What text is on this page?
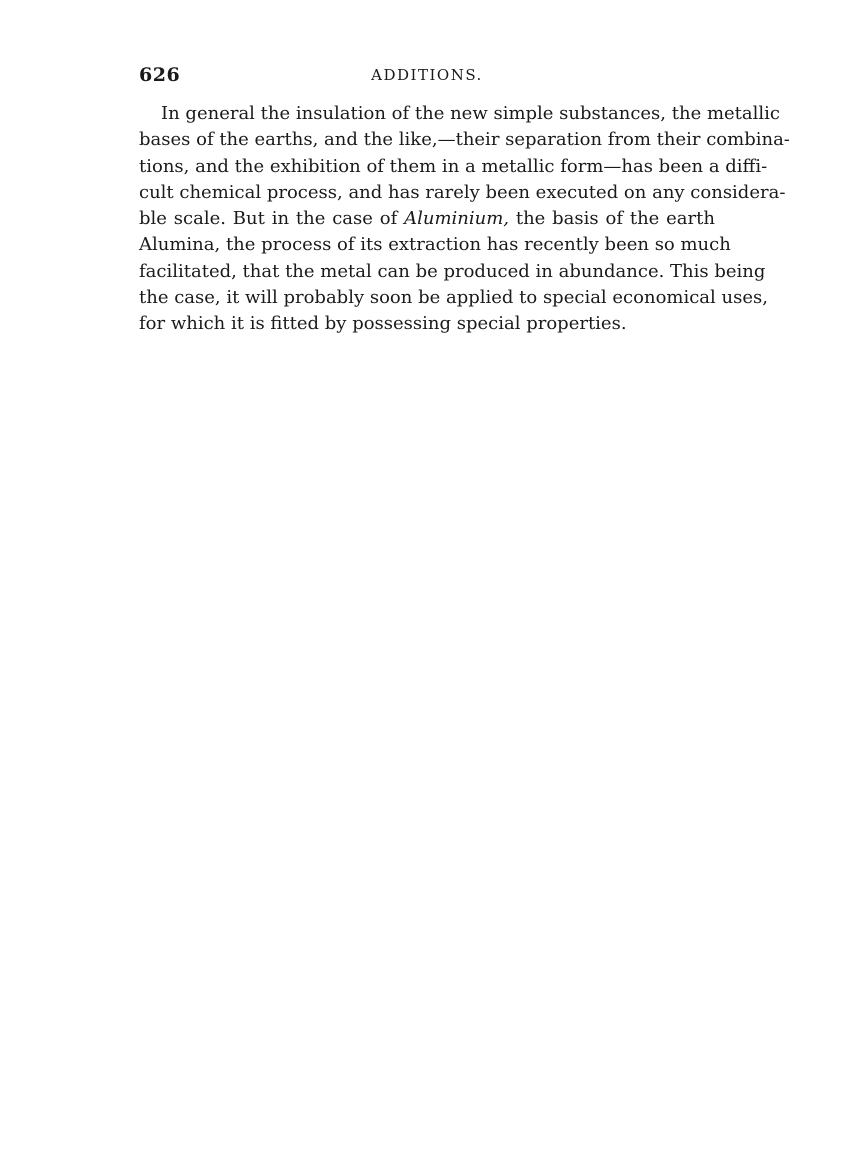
626	ADDITIONS.

In general the insulation of the new simple substances, the metallic
bases of the earths, and the like,—their separation from their combina-
tions, and the exhibition of them in a metallic form—has been a diffi-
cult chemical process, and has rarely been executed on any considera-
ble scale. But in the case of Aluminium, the basis of the earth
Alumina, the process of its extraction has recently been so much
facilitated, that the metal can be produced in abundance. This being
the case, it will probably soon be applied to special economical uses,
for which it is fitted by possessing special properties.
